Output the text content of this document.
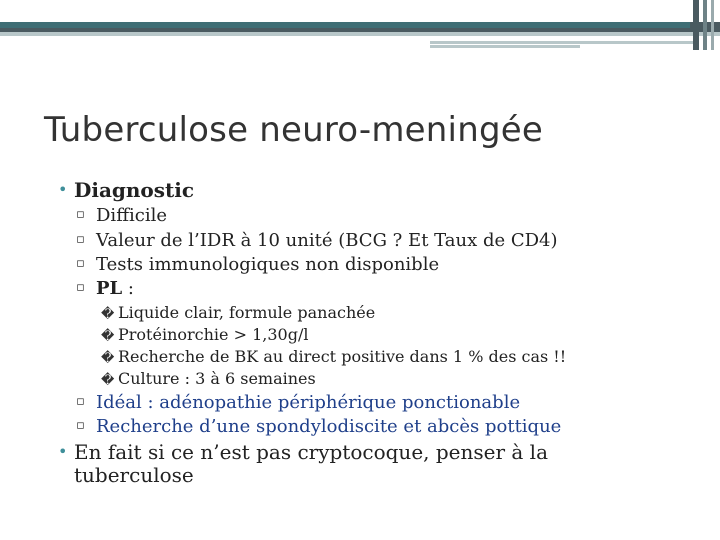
Tuberculose neuro-meningée
• Diagnostic
▫ Difficile
▫ Valeur de l’IDR à 10 unité (BCG ? Et Taux de CD4)
▫ Tests immunologiques non disponible
▫ PL :
� Liquide clair, formule panachée
� Protéinorchie > 1,30g/l
� Recherche de BK au direct positive dans 1 % des cas !!
� Culture : 3 à 6 semaines
▫ Idéal : adénopathie périphérique ponctionable
▫ Recherche d’une spondylodiscite et abcès pottique
• En fait si ce n’est pas cryptocoque, penser à la
tuberculose
